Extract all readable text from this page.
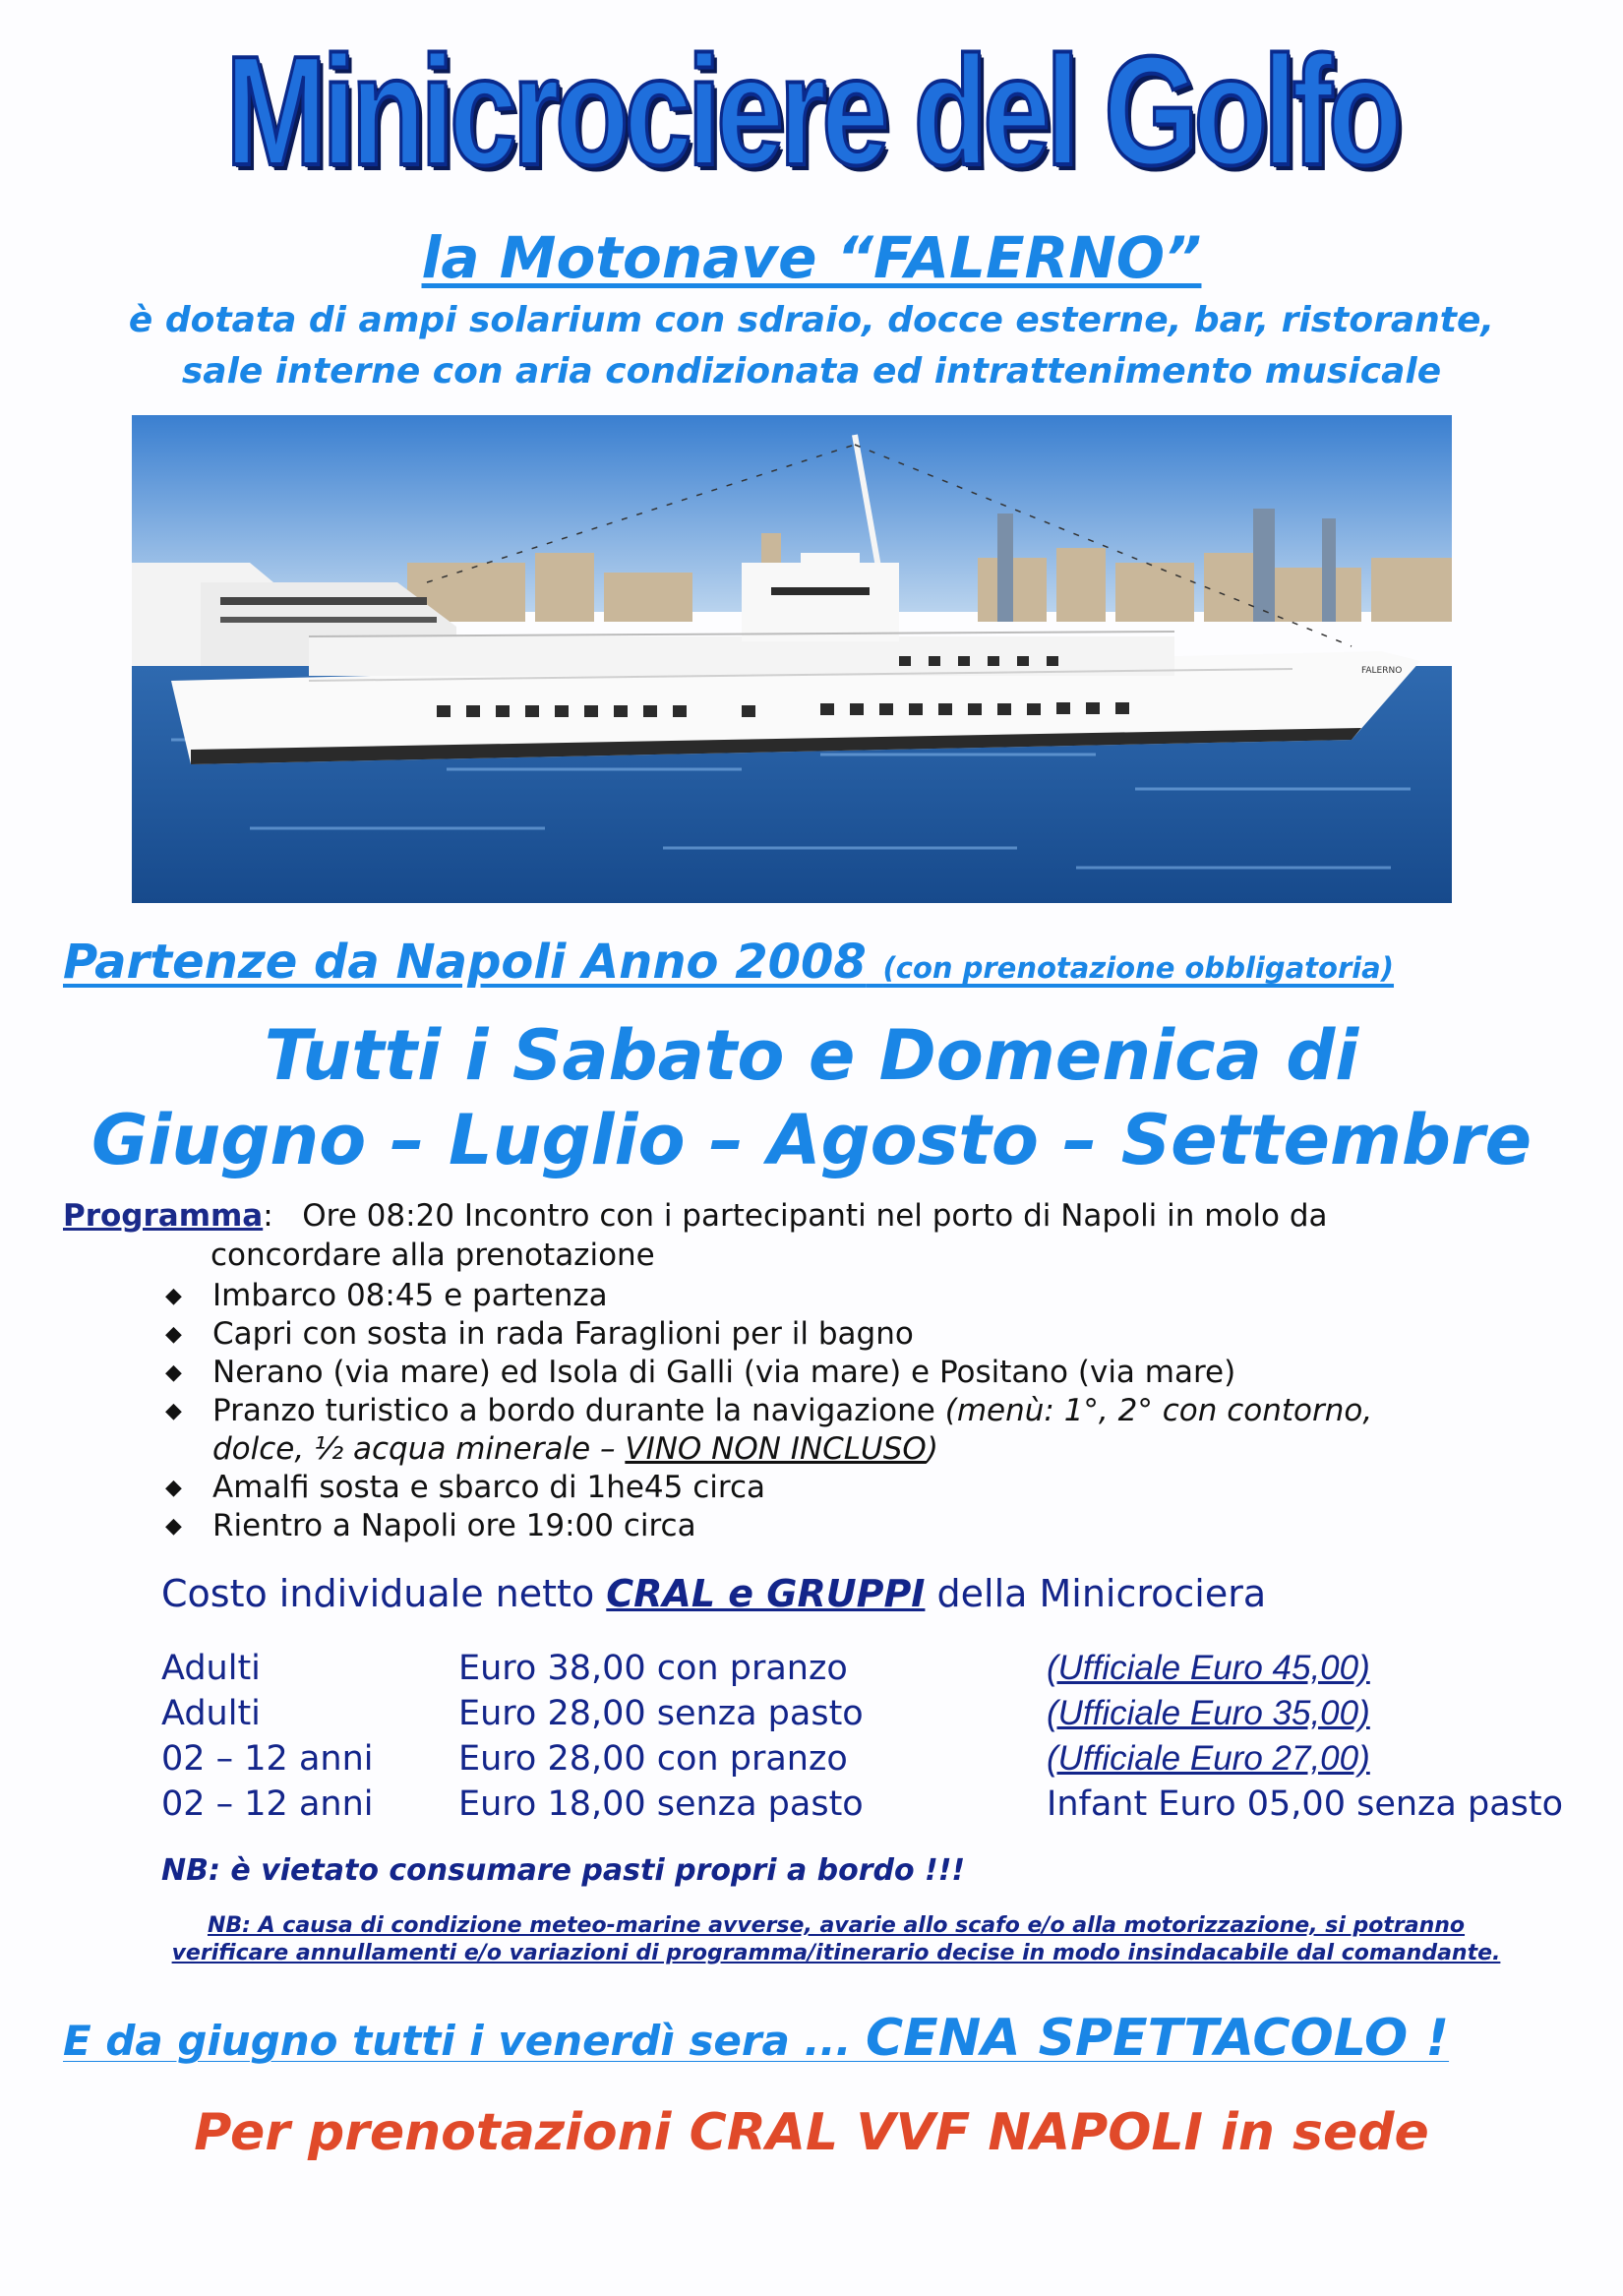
Minicrociere del Golfo
la Motonave “FALERNO”
è dotata di ampi solarium con sdraio, docce esterne, bar, ristorante,
sale interne con aria condizionata ed intrattenimento musicale
FALERNO
Partenze da Napoli Anno 2008 (con prenotazione obbligatoria)
Tutti i Sabato e Domenica di
Giugno – Luglio – Agosto – Settembre
Programma:   Ore 08:20 Incontro con i partecipanti nel porto di Napoli in molo da
concordare alla prenotazione
◆ Imbarco 08:45 e partenza
◆ Capri con sosta in rada Faraglioni per il bagno
◆ Nerano (via mare) ed Isola di Galli (via mare) e Positano (via mare)
◆ Pranzo turistico a bordo durante la navigazione (menù: 1°, 2° con contorno,
dolce, ½ acqua minerale – VINO NON INCLUSO)
◆ Amalfi sosta e sbarco di 1he45 circa
◆ Rientro a Napoli ore 19:00 circa
Costo individuale netto CRAL e GRUPPI della Minicrociera
Adulti	Euro 38,00 con pranzo	(Ufficiale Euro 45,00)
Adulti	Euro 28,00 senza pasto	(Ufficiale Euro 35,00)
02 – 12 anni Euro 28,00 con pranzo	(Ufficiale Euro 27,00)
02 – 12 anni Euro 18,00 senza pasto	Infant Euro 05,00 senza pasto
NB: è vietato consumare pasti propri a bordo !!!
NB: A causa di condizione meteo-marine avverse, avarie allo scafo e/o alla motorizzazione, si potranno
verificare annullamenti e/o variazioni di programma/itinerario decise in modo insindacabile dal comandante.
E da giugno tutti i venerdì sera ... CENA SPETTACOLO !
Per prenotazioni CRAL VVF NAPOLI in sede
